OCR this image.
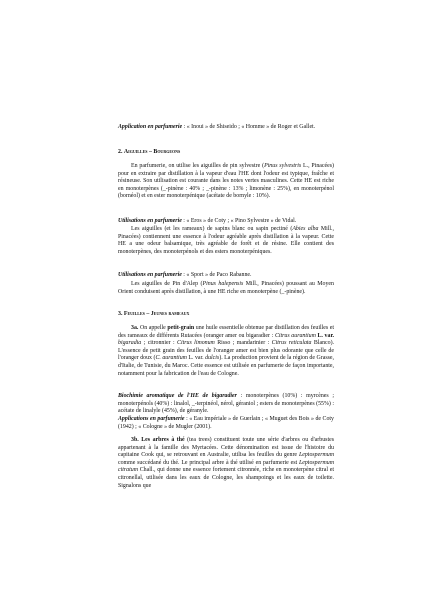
Application en parfumerie : « Inoui » de Shiseido ; « Homme » de Roger et Gallet.

2. Aiguilles – Bourgeons

En parfumerie, on utilise les aiguilles de pin sylvestre (Pinus sylvestris L., Pinacées) pour en extraire par distillation à la vapeur d'eau l'HE dont l'odeur est typique, fraîche et résineuse. Son utilisation est courante dans les notes vertes masculines. Cette HE est riche en monoterpènes (_-pinène : 40% ; _-pinène : 13% ; limonène : 25%), en monoterpénol (bornéol) et en ester monoterpénique (acétate de bornyle : 10%).

Utilisations en parfumerie : « Eros » de Coty ; « Pino Sylvestre » de Vidal.

Les aiguilles (et les rameaux) de sapins blanc ou sapin pectiné (Abies alba Mill., Pinacées) contiennent une essence à l'odeur agréable après distillation à la vapeur. Cette HE a une odeur balsamique, très agréable de forêt et de résine. Elle contient des monoterpènes, des monoterpénols et des esters monoterpéniques.

Utilisations en parfumerie : « Sport » de Paco Rabanne.

Les aiguilles de Pin d'Alep (Pinus halepensis Mill., Pinacées) poussant au Moyen Orient conduisent après distillation, à une HE riche en monoterpène (_-pinène).

3. Feuilles – Jeunes rameaux

3a. On appelle petit-grain une huile essentielle obtenue par distillation des feuilles et des rameaux de différents Rutacées (oranger amer ou bigaradier : Citrus aurantium L. var. bigaradia ; citronnier : Citrus limonum Risso ; mandarinier : Citrus reticulata Blanco). L'essence de petit grain des feuilles de l'oranger amer est bien plus odorante que celle de l'oranger doux (C. aurantium L. var. dulcis). La production provient de la région de Grasse, d'Italie, de Tunisie, du Maroc. Cette essence est utilisée en parfumerie de façon importante, notamment pour la fabrication de l'eau de Cologne.

Biochimie aromatique de l'HE de bigaradier : monoterpènes (10%) : myrcènes ; monoterpénols (40%) : linalol, _-terpinéol, nérol, géraniol ; esters de monoterpènes (55%) : acétate de linalyle (45%), de géranyle.

Applications en parfumerie : « Eau impériale » de Guerlain ; « Muguet des Bois » de Coty (1942) ; « Cologne » de Mugler (2001).

3b. Les arbres à thé (tea trees) constituent toute une série d'arbres ou d'arbustes appartenant à la famille des Myrtacées. Cette dénomination est issue de l'histoire du capitaine Cook qui, se retrouvant en Australie, utilisa les feuilles du genre Leptospermum comme succédané du thé. Le principal arbre à thé utilisé en parfumerie est Leptospermum citratum Chall., qui donne une essence fortement citronnée, riche en monoterpène citral et citronellal, utilisée dans les eaux de Cologne, les shampoings et les eaux de toilette. Signalons que
